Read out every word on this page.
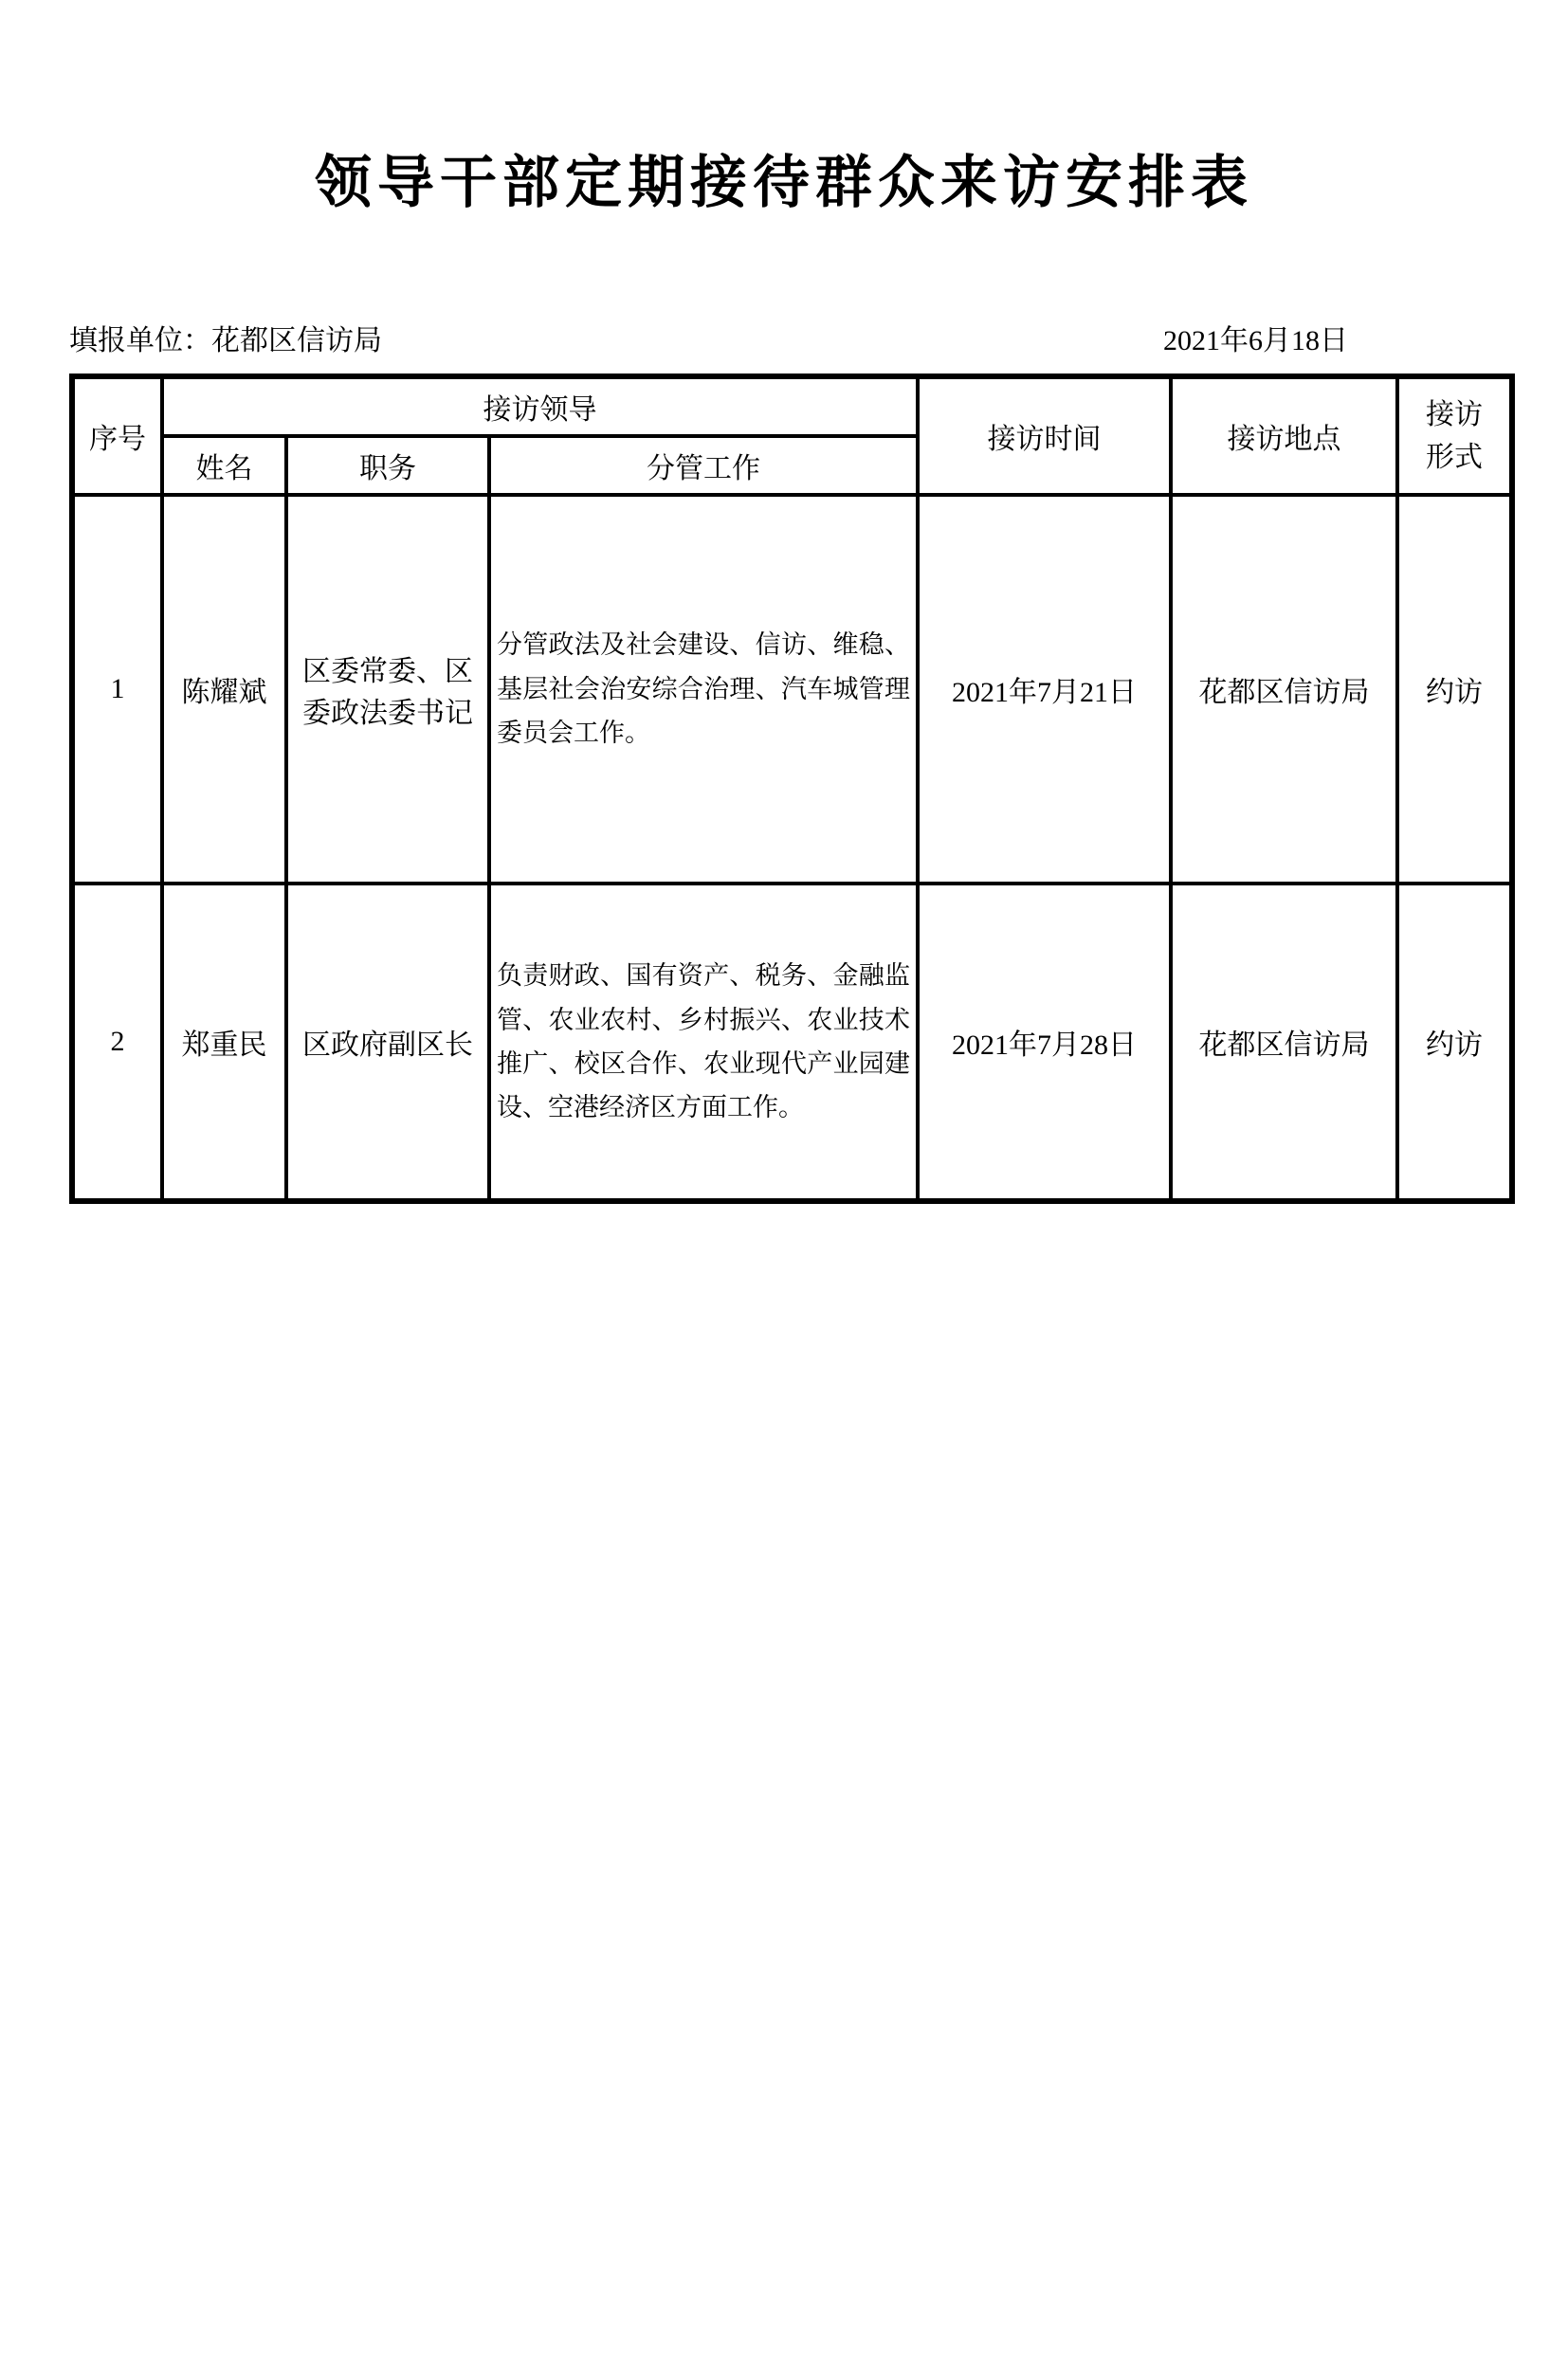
领导干部定期接待群众来访安排表
填报单位：花都区信访局	2021年6月18日
序号	接访领导			接访时间	接访地点	接访形式
	姓名	职务	分管工作			
1	陈耀斌	区委常委、区委政法委书记	分管政法及社会建设、信访、维稳、基层社会治安综合治理、汽车城管理委员会工作。	2021年7月21日	花都区信访局	约访
2	郑重民	区政府副区长	负责财政、国有资产、税务、金融监管、农业农村、乡村振兴、农业技术推广、校区合作、农业现代产业园建设、空港经济区方面工作。	2021年7月28日	花都区信访局	约访
